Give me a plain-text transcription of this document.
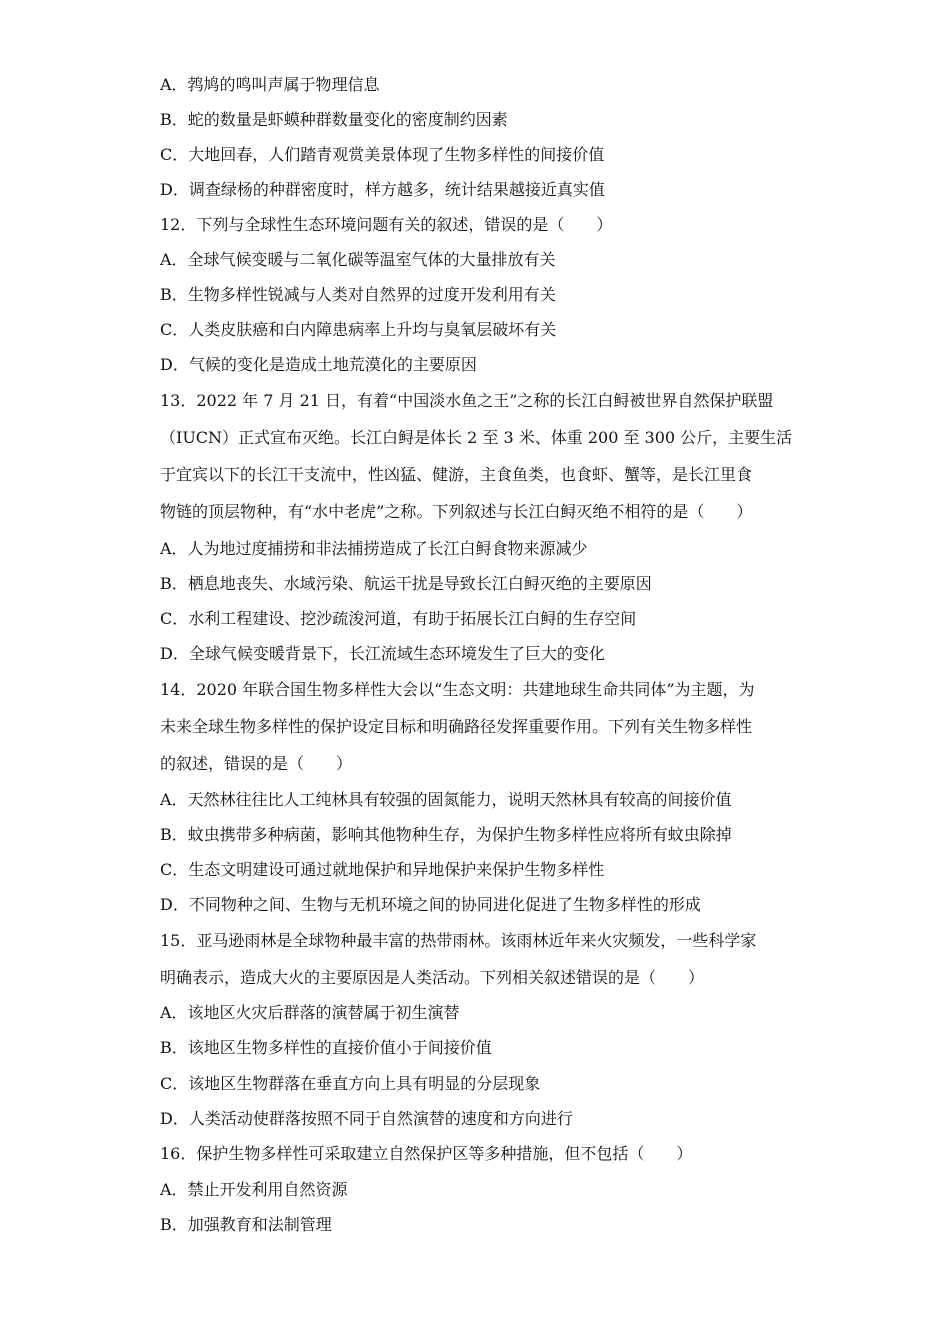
A．鹁鸠的鸣叫声属于物理信息
B．蛇的数量是虾蟆种群数量变化的密度制约因素
C．大地回春，人们踏青观赏美景体现了生物多样性的间接价值
D．调查绿杨的种群密度时，样方越多，统计结果越接近真实值
12．下列与全球性生态环境问题有关的叙述，错误的是（　　）
A．全球气候变暖与二氧化碳等温室气体的大量排放有关
B．生物多样性锐减与人类对自然界的过度开发利用有关
C．人类皮肤癌和白内障患病率上升均与臭氧层破坏有关
D．气候的变化是造成土地荒漠化的主要原因
13．2022 年 7 月 21 日，有着“中国淡水鱼之王”之称的长江白鲟被世界自然保护联盟
（IUCN）正式宣布灭绝。长江白鲟是体长 2 至 3 米、体重 200 至 300 公斤，主要生活
于宜宾以下的长江干支流中，性凶猛、健游，主食鱼类，也食虾、蟹等，是长江里食
物链的顶层物种，有“水中老虎”之称。下列叙述与长江白鲟灭绝不相符的是（　　）
A．人为地过度捕捞和非法捕捞造成了长江白鲟食物来源减少
B．栖息地丧失、水域污染、航运干扰是导致长江白鲟灭绝的主要原因
C．水利工程建设、挖沙疏浚河道，有助于拓展长江白鲟的生存空间
D．全球气候变暖背景下，长江流域生态环境发生了巨大的变化
14．2020 年联合国生物多样性大会以“生态文明：共建地球生命共同体”为主题，为
未来全球生物多样性的保护设定目标和明确路径发挥重要作用。下列有关生物多样性
的叙述，错误的是（　　）
A．天然林往往比人工纯林具有较强的固氮能力，说明天然林具有较高的间接价值
B．蚊虫携带多种病菌，影响其他物种生存，为保护生物多样性应将所有蚊虫除掉
C．生态文明建设可通过就地保护和异地保护来保护生物多样性
D．不同物种之间、生物与无机环境之间的协同进化促进了生物多样性的形成
15．亚马逊雨林是全球物种最丰富的热带雨林。该雨林近年来火灾频发，一些科学家
明确表示，造成大火的主要原因是人类活动。下列相关叙述错误的是（　　）
A．该地区火灾后群落的演替属于初生演替
B．该地区生物多样性的直接价值小于间接价值
C．该地区生物群落在垂直方向上具有明显的分层现象
D．人类活动使群落按照不同于自然演替的速度和方向进行
16．保护生物多样性可采取建立自然保护区等多种措施，但不包括（　　）
A．禁止开发利用自然资源
B．加强教育和法制管理
